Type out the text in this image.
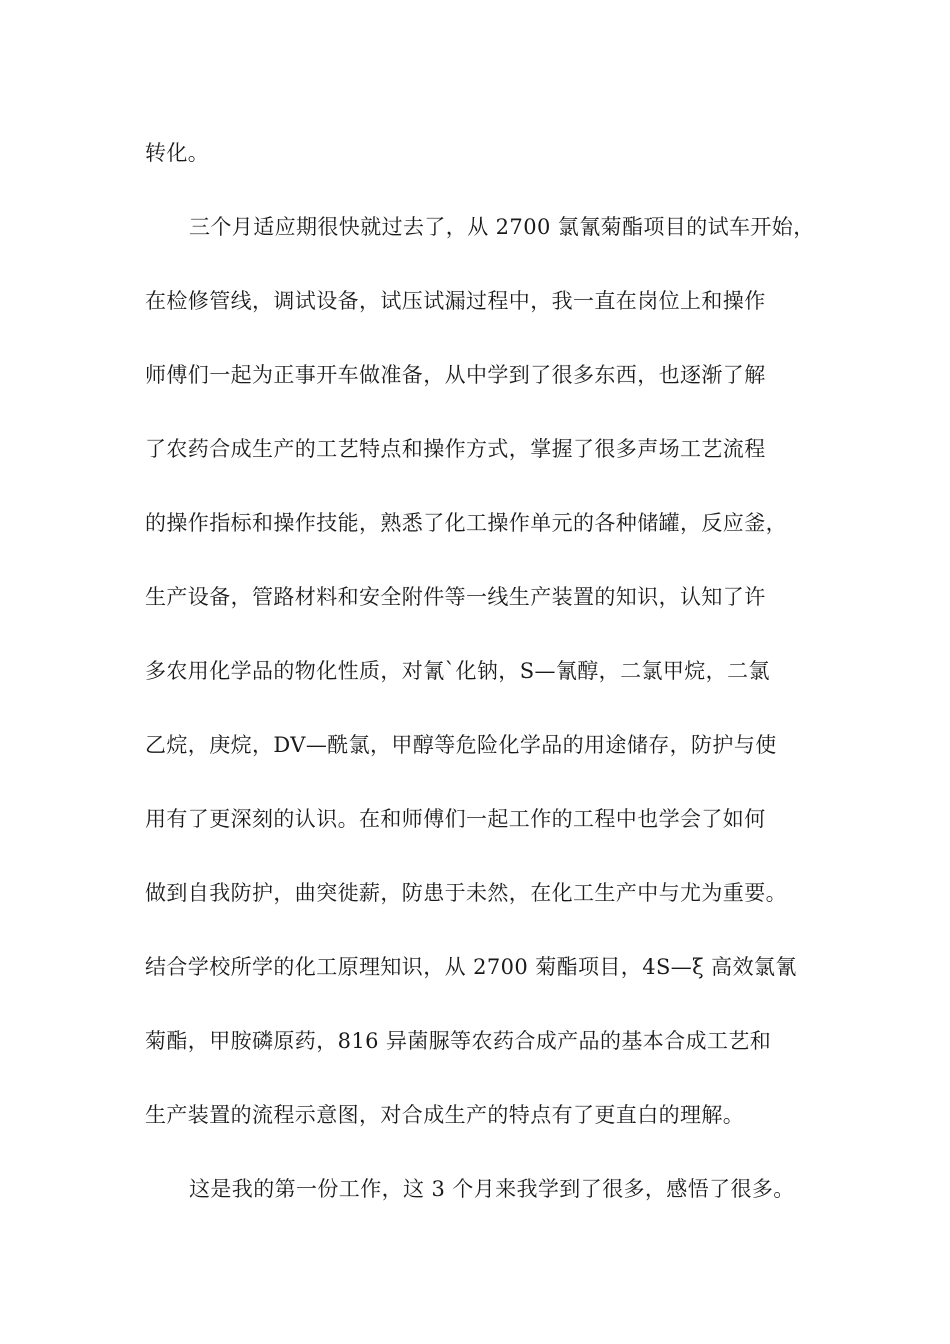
转化。
三个月适应期很快就过去了，从 2700 氯氰菊酯项目的试车开始，
在检修管线，调试设备，试压试漏过程中，我一直在岗位上和操作
师傅们一起为正事开车做准备，从中学到了很多东西，也逐渐了解
了农药合成生产的工艺特点和操作方式，掌握了很多声场工艺流程
的操作指标和操作技能，熟悉了化工操作单元的各种储罐，反应釜，
生产设备，管路材料和安全附件等一线生产装置的知识，认知了许
多农用化学品的物化性质，对氰`化钠，S—氰醇，二氯甲烷，二氯
乙烷，庚烷，DV—酰氯，甲醇等危险化学品的用途储存，防护与使
用有了更深刻的认识。在和师傅们一起工作的工程中也学会了如何
做到自我防护，曲突徙薪，防患于未然，在化工生产中与尤为重要。
结合学校所学的化工原理知识，从 2700 菊酯项目，4S—ξ 高效氯氰
菊酯，甲胺磷原药，816 异菌脲等农药合成产品的基本合成工艺和
生产装置的流程示意图，对合成生产的特点有了更直白的理解。
这是我的第一份工作，这 3 个月来我学到了很多，感悟了很多。
